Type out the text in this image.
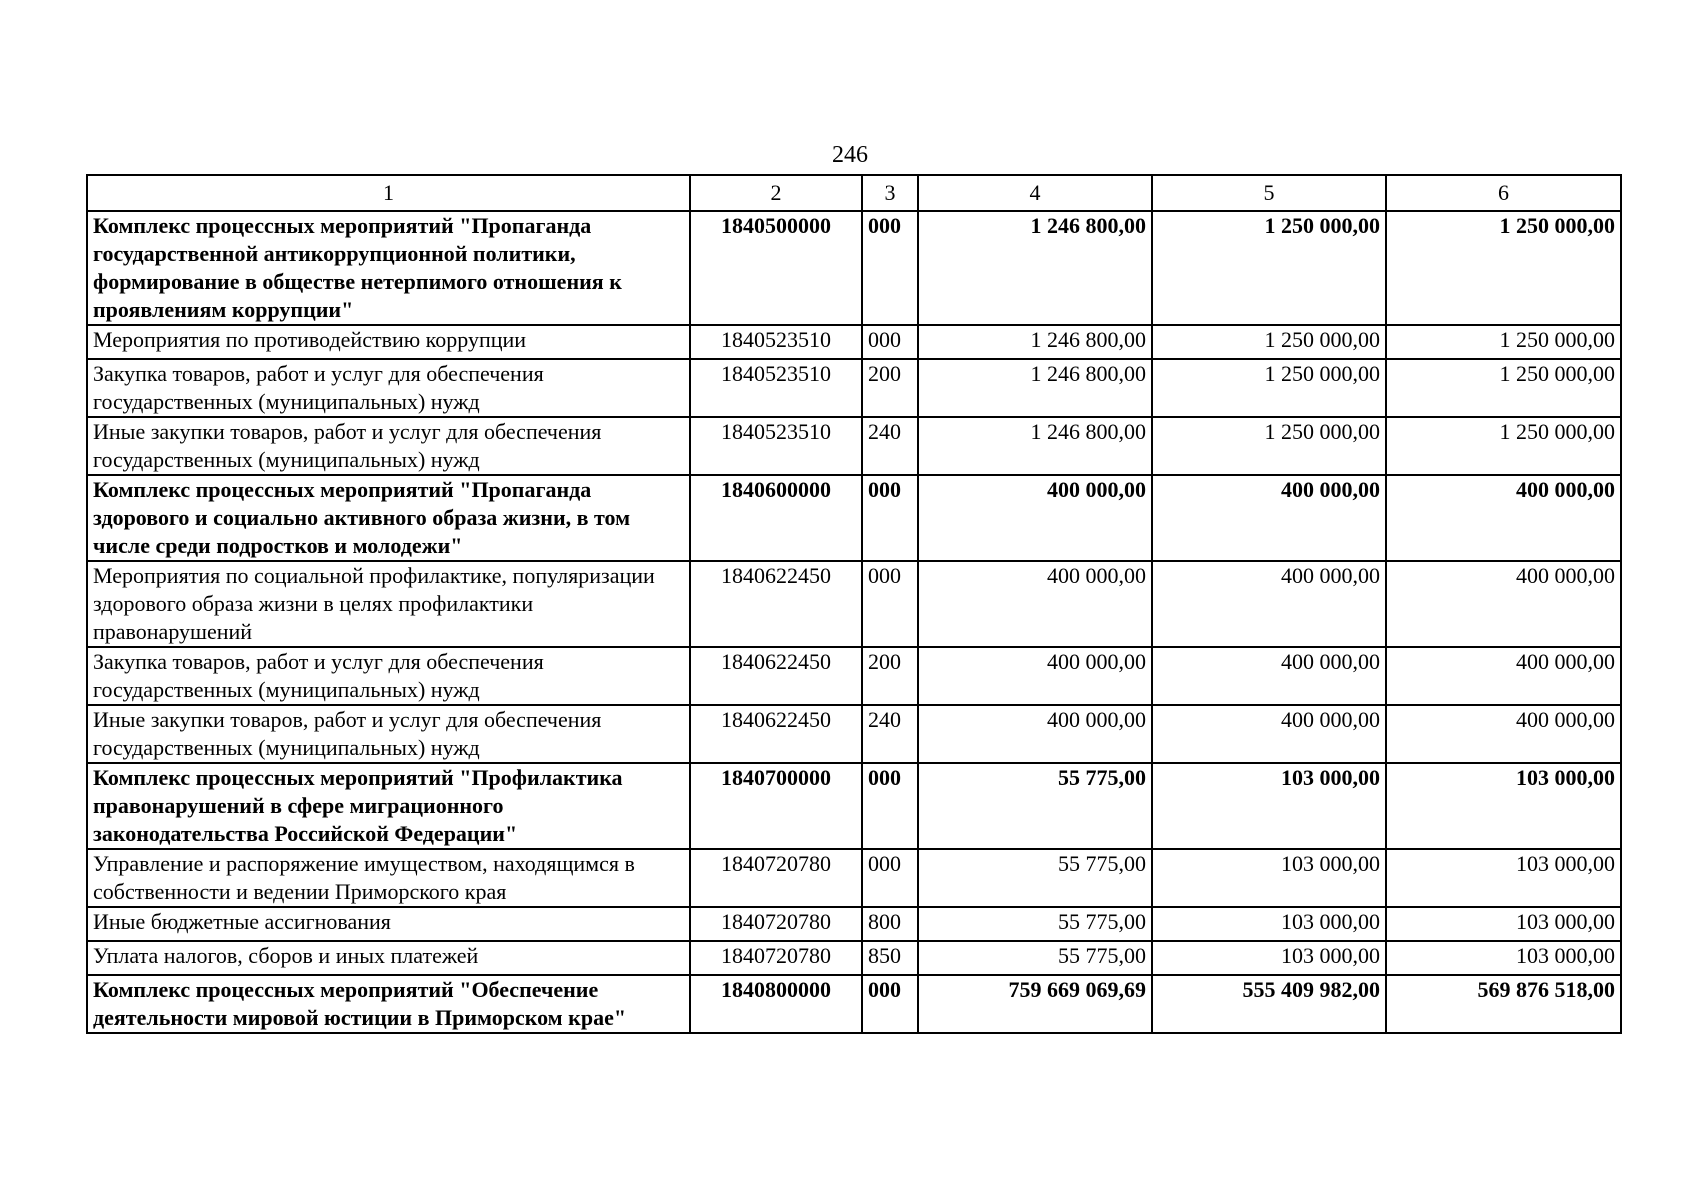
246
1	2	3	4	5	6
Комплекс процессных мероприятий "Пропаганда государственной антикоррупционной политики, формирование в обществе нетерпимого отношения к проявлениям коррупции"	1840500000	000	1 246 800,00	1 250 000,00	1 250 000,00
Мероприятия по противодействию коррупции	1840523510	000	1 246 800,00	1 250 000,00	1 250 000,00
Закупка товаров, работ и услуг для обеспечения государственных (муниципальных) нужд	1840523510	200	1 246 800,00	1 250 000,00	1 250 000,00
Иные закупки товаров, работ и услуг для обеспечения государственных (муниципальных) нужд	1840523510	240	1 246 800,00	1 250 000,00	1 250 000,00
Комплекс процессных мероприятий "Пропаганда здорового и социально активного образа жизни, в том числе среди подростков и молодежи"	1840600000	000	400 000,00	400 000,00	400 000,00
Мероприятия по социальной профилактике, популяризации здорового образа жизни в целях профилактики правонарушений	1840622450	000	400 000,00	400 000,00	400 000,00
Закупка товаров, работ и услуг для обеспечения государственных (муниципальных) нужд	1840622450	200	400 000,00	400 000,00	400 000,00
Иные закупки товаров, работ и услуг для обеспечения государственных (муниципальных) нужд	1840622450	240	400 000,00	400 000,00	400 000,00
Комплекс процессных мероприятий "Профилактика правонарушений в сфере миграционного законодательства Российской Федерации"	1840700000	000	55 775,00	103 000,00	103 000,00
Управление и распоряжение имуществом, находящимся в собственности и ведении Приморского края	1840720780	000	55 775,00	103 000,00	103 000,00
Иные бюджетные ассигнования	1840720780	800	55 775,00	103 000,00	103 000,00
Уплата налогов, сборов и иных платежей	1840720780	850	55 775,00	103 000,00	103 000,00
Комплекс процессных мероприятий "Обеспечение деятельности мировой юстиции в Приморском крае"	1840800000	000	759 669 069,69	555 409 982,00	569 876 518,00
